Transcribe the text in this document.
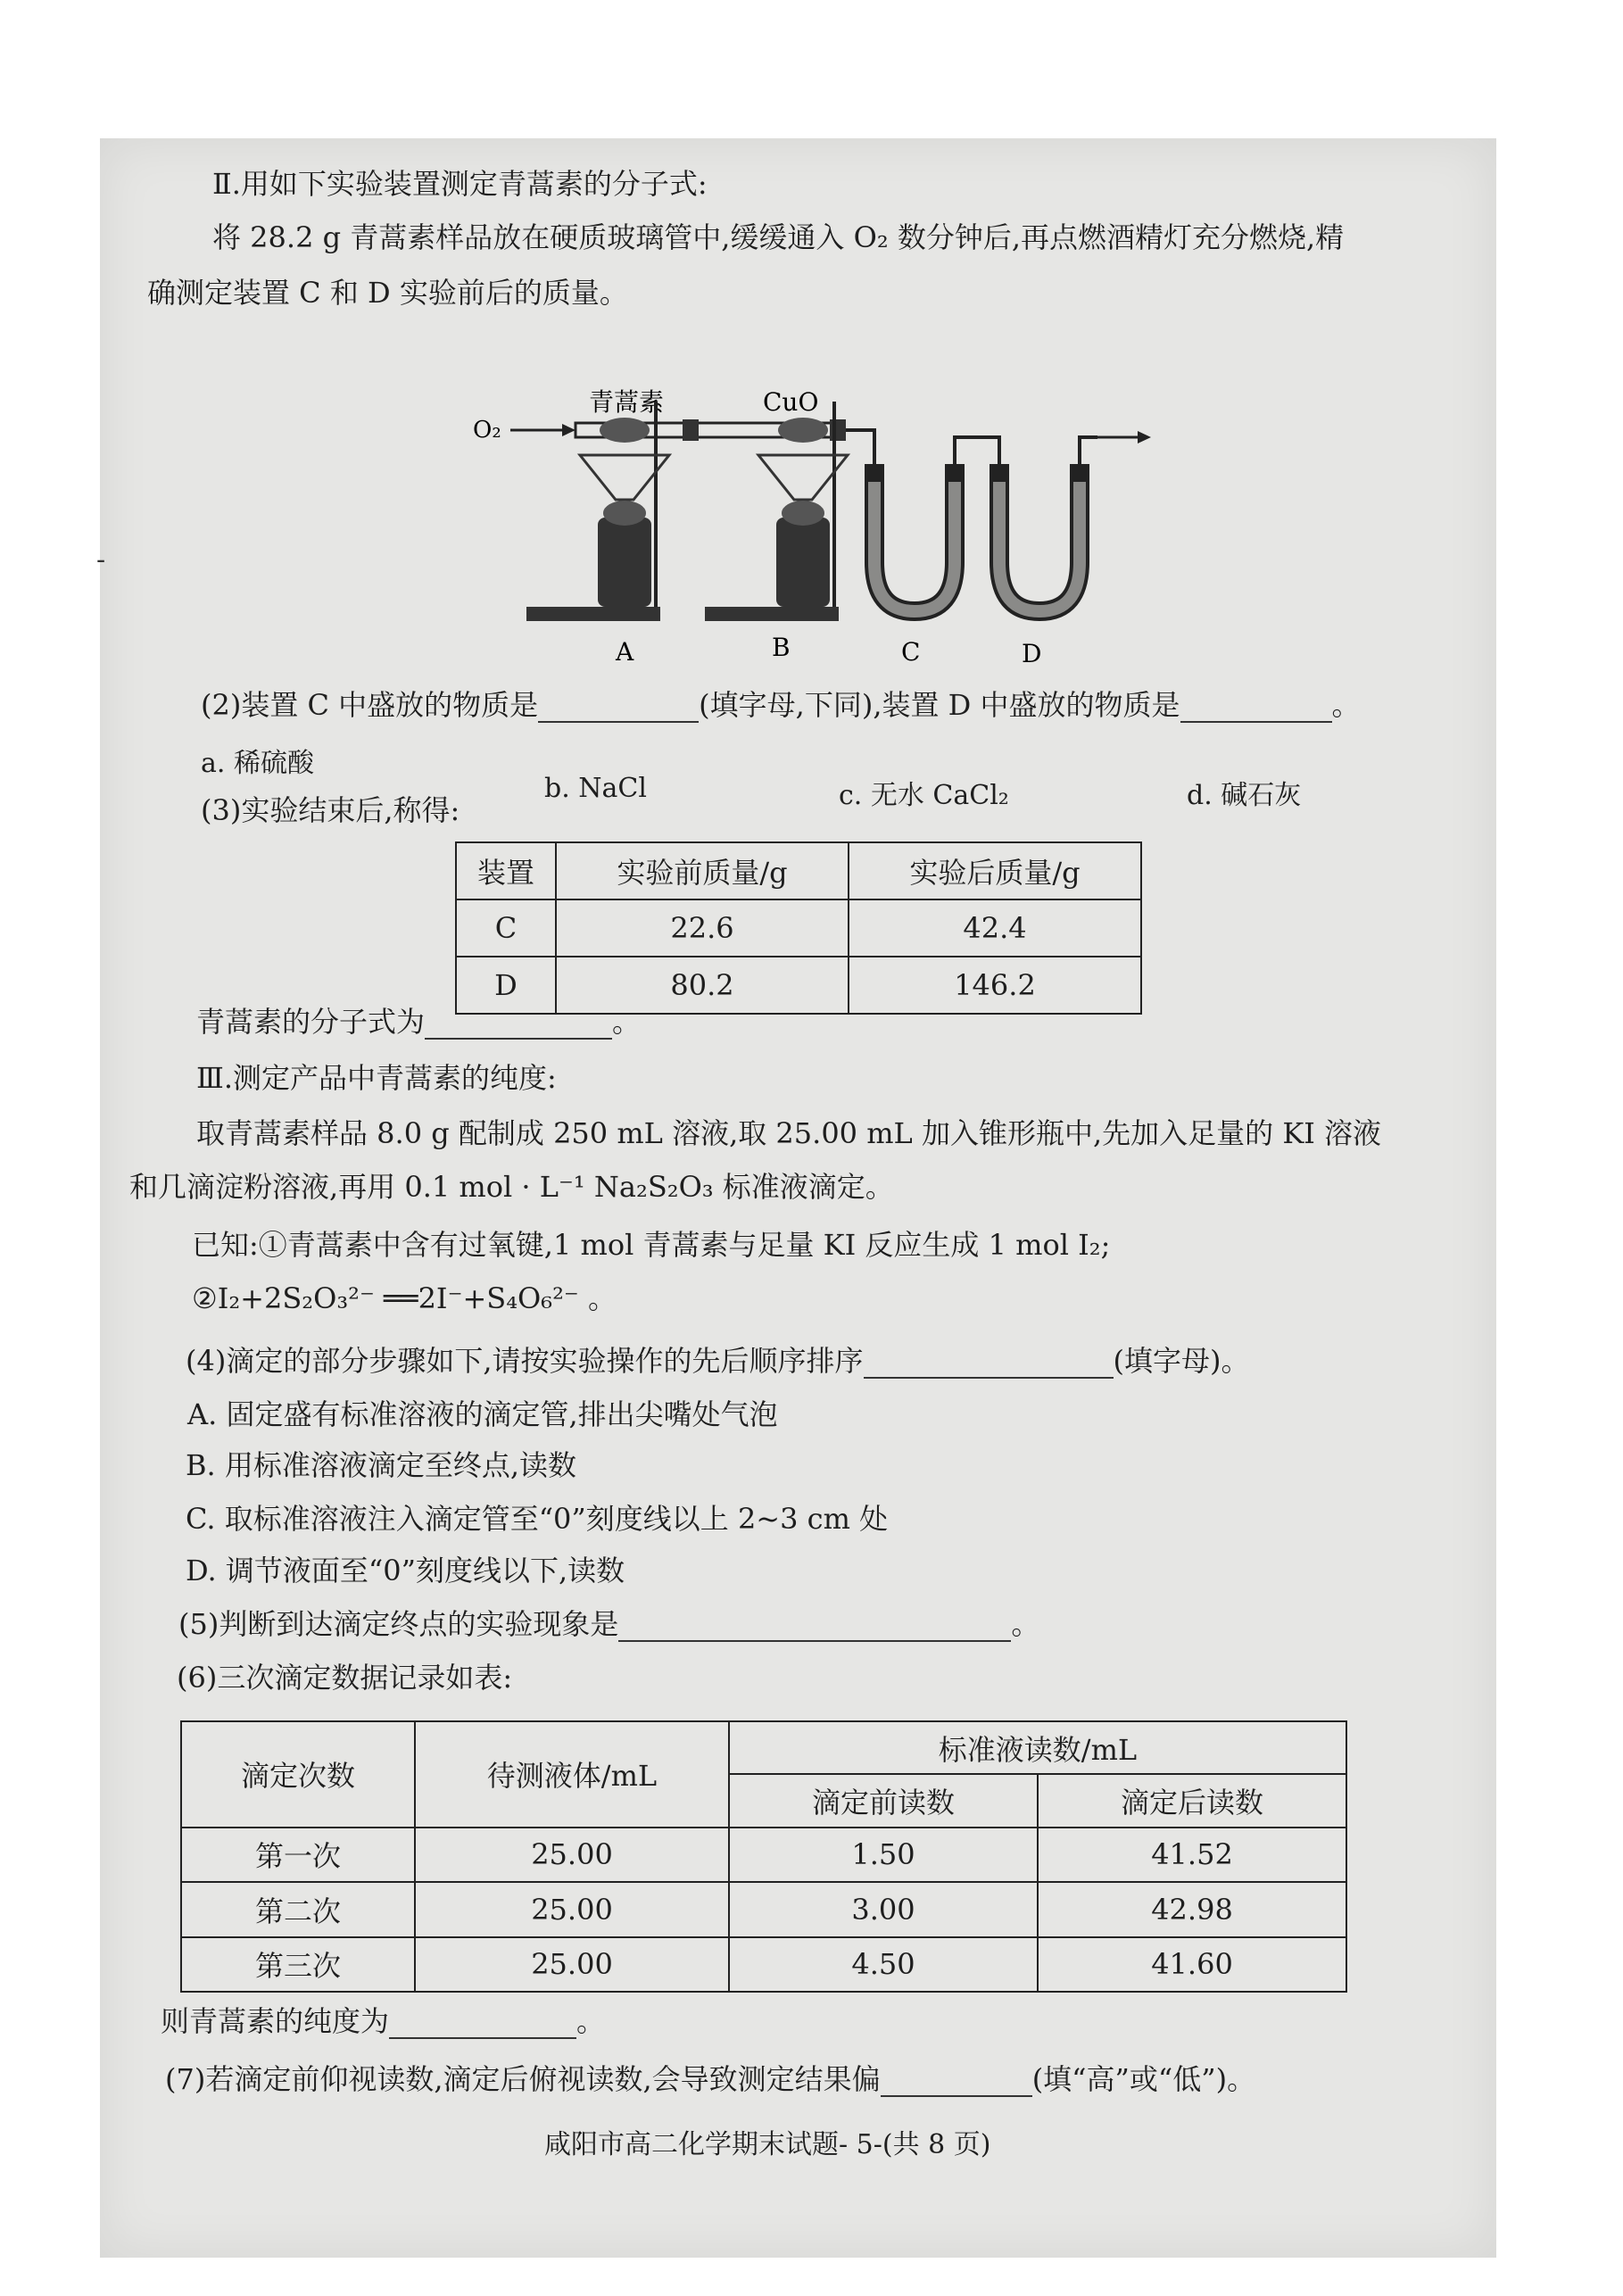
-
Ⅱ.用如下实验装置测定青蒿素的分子式:
将 28.2 g 青蒿素样品放在硬质玻璃管中,缓缓通入 O₂ 数分钟后,再点燃酒精灯充分燃烧,精
确测定装置 C 和 D 实验前后的质量。
O₂
青蒿素	CuO
A	B	C	D
(2)装置 C 中盛放的物质是	(填字母,下同),装置 D 中盛放的物质是	。
a. 稀硫酸
b. NaCl	c. 无水 CaCl₂	d. 碱石灰
(3)实验结束后,称得:
装置	实验前质量/g	实验后质量/g
C	22.6	42.4
D	80.2	146.2
青蒿素的分子式为	。
Ⅲ.测定产品中青蒿素的纯度:
取青蒿素样品 8.0 g 配制成 250 mL 溶液,取 25.00 mL 加入锥形瓶中,先加入足量的 KI 溶液
和几滴淀粉溶液,再用 0.1 mol · L⁻¹ Na₂S₂O₃ 标准液滴定。
已知:①青蒿素中含有过氧键,1 mol 青蒿素与足量 KI 反应生成 1 mol I₂;
②I₂+2S₂O₃²⁻ ══2I⁻+S₄O₆²⁻ 。
(4)滴定的部分步骤如下,请按实验操作的先后顺序排序	(填字母)。
A. 固定盛有标准溶液的滴定管,排出尖嘴处气泡
B. 用标准溶液滴定至终点,读数
C. 取标准溶液注入滴定管至“0”刻度线以上 2~3 cm 处
D. 调节液面至“0”刻度线以下,读数
(5)判断到达滴定终点的实验现象是	。
(6)三次滴定数据记录如表:
滴定次数	待测液体/mL	标准液读数/mL	
		滴定前读数	滴定后读数
第一次	25.00	1.50	41.52
第二次	25.00	3.00	42.98
第三次	25.00	4.50	41.60
则青蒿素的纯度为	。
(7)若滴定前仰视读数,滴定后俯视读数,会导致测定结果偏	(填“高”或“低”)。
咸阳市高二化学期末试题- 5-(共 8 页)
